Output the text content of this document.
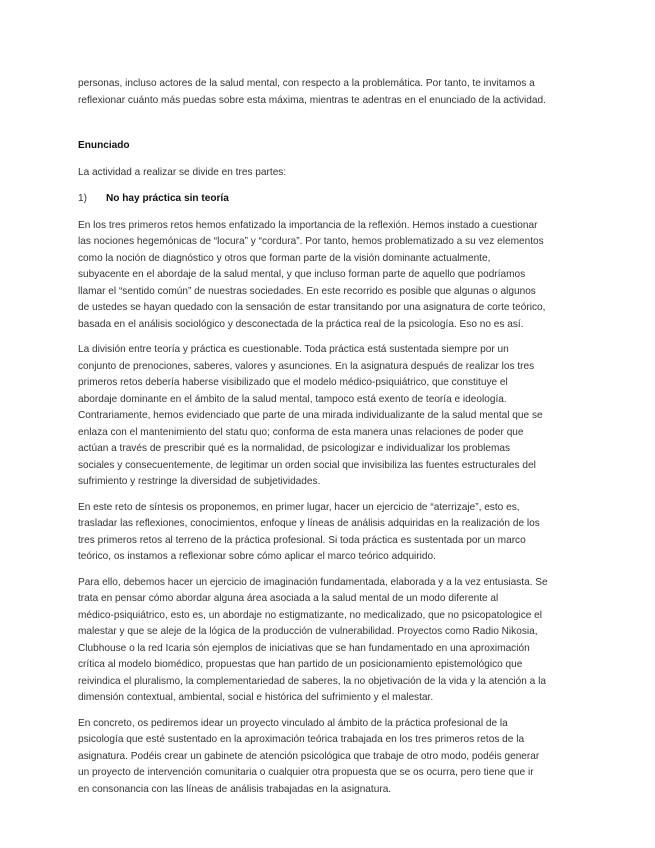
personas, incluso actores de la salud mental, con respecto a la problemática. Por tanto, te invitamos a
reflexionar cuánto más puedas sobre esta máxima, mientras te adentras en el enunciado de la actividad.

Enunciado

La actividad a realizar se divide en tres partes:

1)	No hay práctica sin teoría

En los tres primeros retos hemos enfatizado la importancia de la reflexión. Hemos instado a cuestionar
las nociones hegemónicas de “locura” y “cordura”. Por tanto, hemos problematizado a su vez elementos
como la noción de diagnóstico y otros que forman parte de la visión dominante actualmente,
subyacente en el abordaje de la salud mental, y que incluso forman parte de aquello que podríamos
llamar el “sentido común” de nuestras sociedades. En este recorrido es posible que algunas o algunos
de ustedes se hayan quedado con la sensación de estar transitando por una asignatura de corte teórico,
basada en el análisis sociológico y desconectada de la práctica real de la psicología. Eso no es así.

La división entre teoría y práctica es cuestionable. Toda práctica está sustentada siempre por un
conjunto de prenociones, saberes, valores y asunciones. En la asignatura después de realizar los tres
primeros retos debería haberse visibilizado que el modelo médico-psiquiátrico, que constituye el
abordaje dominante en el ámbito de la salud mental, tampoco está exento de teoría e ideología.
Contrariamente, hemos evidenciado que parte de una mirada individualizante de la salud mental que se
enlaza con el mantenimiento del statu quo; conforma de esta manera unas relaciones de poder que
actúan a través de prescribir qué es la normalidad, de psicologizar e individualizar los problemas
sociales y consecuentemente, de legitimar un orden social que invisibiliza las fuentes estructurales del
sufrimiento y restringe la diversidad de subjetividades.

En este reto de síntesis os proponemos, en primer lugar, hacer un ejercicio de “aterrizaje”, esto es,
trasladar las reflexiones, conocimientos, enfoque y líneas de análisis adquiridas en la realización de los
tres primeros retos al terreno de la práctica profesional. Si toda práctica es sustentada por un marco
teórico, os instamos a reflexionar sobre cómo aplicar el marco teórico adquirido.

Para ello, debemos hacer un ejercicio de imaginación fundamentada, elaborada y a la vez entusiasta. Se
trata en pensar cómo abordar alguna área asociada a la salud mental de un modo diferente al
médico-psiquiátrico, esto es, un abordaje no estigmatizante, no medicalizado, que no psicopatologice el
malestar y que se aleje de la lógica de la producción de vulnerabilidad. Proyectos como Radio Nikosia,
Clubhouse o la red Icaria són ejemplos de iniciativas que se han fundamentado en una aproximación
crítica al modelo biomédico, propuestas que han partido de un posicionamiento epistemológico que
reivindica el pluralismo, la complementariedad de saberes, la no objetivación de la vida y la atención a la
dimensión contextual, ambiental, social e histórica del sufrimiento y el malestar.

En concreto, os pediremos idear un proyecto vinculado al ámbito de la práctica profesional de la
psicología que esté sustentado en la aproximación teórica trabajada en los tres primeros retos de la
asignatura. Podéis crear un gabinete de atención psicológica que trabaje de otro modo, podéis generar
un proyecto de intervención comunitaria o cualquier otra propuesta que se os ocurra, pero tiene que ir
en consonancia con las líneas de análisis trabajadas en la asignatura.
